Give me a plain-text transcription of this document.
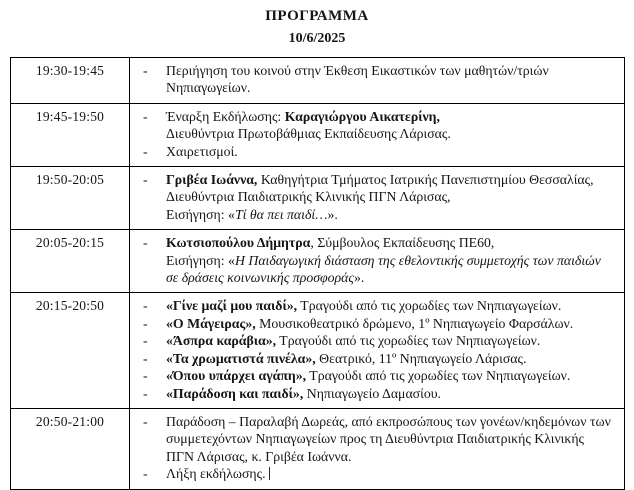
ΠΡΟΓΡΑΜΜΑ
10/6/2025
19:30-19:45	- Περιήγηση του κοινού στην Έκθεση Εικαστικών των μαθητών/τριών Νηπιαγωγείων.

19:45-19:50	- Έναρξη Εκδήλωσης: Καραγιώργου Αικατερίνη,
Διευθύντρια Πρωτοβάθμιας Εκπαίδευσης Λάρισας.
- Χαιρετισμοί.

19:50-20:05	- Γριβέα Ιωάννα, Καθηγήτρια Τμήματος Ιατρικής Πανεπιστημίου Θεσσαλίας, Διευθύντρια Παιδιατρικής Κλινικής ΠΓΝ Λάρισας,
Εισήγηση: «Τί θα πει παιδί…».

20:05-20:15	- Κωτσιοπούλου Δήμητρα, Σύμβουλος Εκπαίδευσης ΠΕ60,
Εισήγηση: «Η Παιδαγωγική διάσταση της εθελοντικής συμμετοχής των παιδιών σε δράσεις κοινωνικής προσφοράς».

20:15-20:50	-	«Γίνε μαζί μου παιδί», Τραγούδι από τις χορωδίες των Νηπιαγωγείων.
-	«Ο Μάγειρας», Μουσικοθεατρικό δρώμενο, 1º Νηπιαγωγείο Φαρσάλων.
-	«Άσπρα καράβια», Τραγούδι από τις χορωδίες των Νηπιαγωγείων.
-	«Τα χρωματιστά πινέλα», Θεατρικό, 11º Νηπιαγωγείο Λάρισας.
-	«Όπου υπάρχει αγάπη», Τραγούδι από τις χορωδίες των Νηπιαγωγείων.
-	«Παράδοση και παιδί», Νηπιαγωγείο Δαμασίου.

20:50-21:00	- Παράδοση – Παραλαβή Δωρεάς, από εκπροσώπους των γονέων/κηδεμόνων των συμμετεχόντων Νηπιαγωγείων προς τη Διευθύντρια Παιδιατρικής Κλινικής ΠΓΝ Λάρισας, κ. Γριβέα Ιωάννα.
- Λήξη εκδήλωσης.
